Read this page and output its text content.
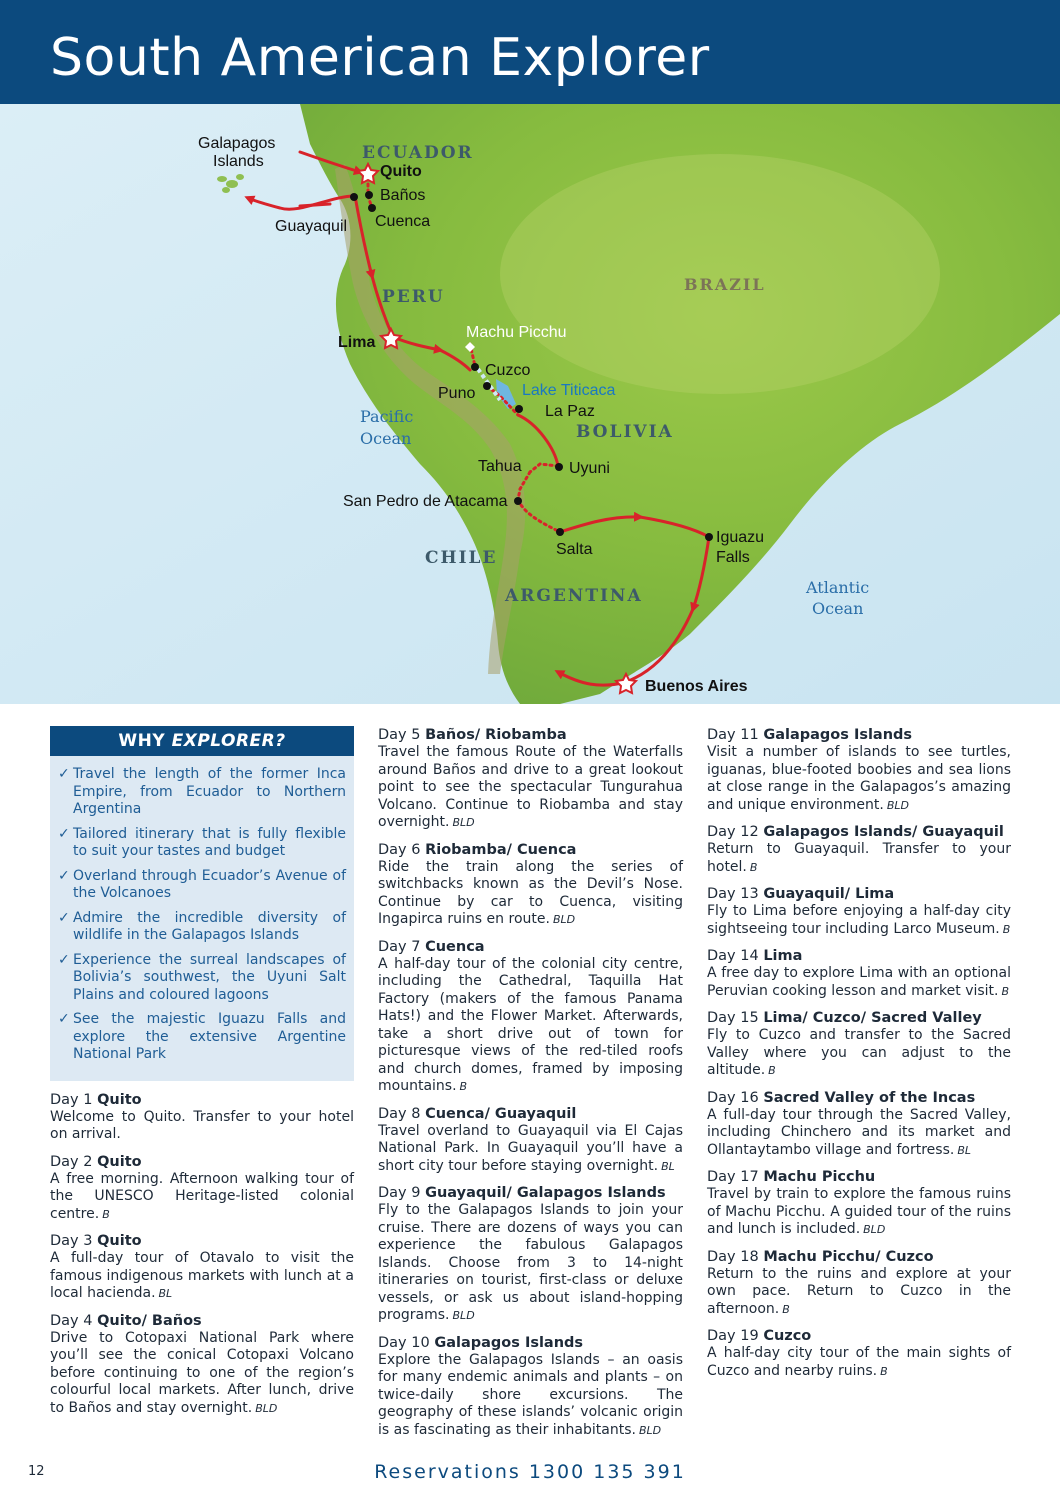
South American Explorer
Galapagos
Islands	ECUADOR
Quito
Baños
Cuenca
Guayaquil
PERU
BRAZIL
Lima
Machu Picchu
Cuzco
Puno	Lake Titicaca
La Paz
BOLIVIA
Pacific
Ocean
Tahua	Uyuni
San Pedro de Atacama
Salta
Iguazu
Falls
CHILE
ARGENTINA	Atlantic
Ocean
Buenos Aires
WHY EXPLORER?
✓ Travel the length of the former Inca Empire, from Ecuador to Northern Argentina
✓ Tailored itinerary that is fully flexible to suit your tastes and budget
✓ Overland through Ecuador’s Avenue of the Volcanoes
✓ Admire the incredible diversity of wildlife in the Galapagos Islands
✓ Experience the surreal landscapes of Bolivia’s southwest, the Uyuni Salt Plains and coloured lagoons
✓ See the majestic Iguazu Falls and explore the extensive Argentine National Park
Day 1 Quito
Welcome to Quito. Transfer to your hotel on arrival.
Day 2 Quito
A free morning. Afternoon walking tour of the UNESCO Heritage-listed colonial centre. B
Day 3 Quito
A full-day tour of Otavalo to visit the famous indigenous markets with lunch at a local hacienda. BL
Day 4 Quito/ Baños
Drive to Cotopaxi National Park where you’ll see the conical Cotopaxi Volcano before continuing to one of the region’s colourful local markets. After lunch, drive to Baños and stay overnight. BLD
Day 5 Baños/ Riobamba
Travel the famous Route of the Waterfalls around Baños and drive to a great lookout point to see the spectacular Tungurahua Volcano. Continue to Riobamba and stay overnight. BLD
Day 6 Riobamba/ Cuenca
Ride the train along the series of switchbacks known as the Devil’s Nose. Continue by car to Cuenca, visiting Ingapirca ruins en route. BLD
Day 7 Cuenca
A half-day tour of the colonial city centre, including the Cathedral, Taquilla Hat Factory (makers of the famous Panama Hats!) and the Flower Market. Afterwards, take a short drive out of town for picturesque views of the red-tiled roofs and church domes, framed by imposing mountains. B
Day 8 Cuenca/ Guayaquil
Travel overland to Guayaquil via El Cajas National Park. In Guayaquil you’ll have a short city tour before staying overnight. BL
Day 9 Guayaquil/ Galapagos Islands
Fly to the Galapagos Islands to join your cruise. There are dozens of ways you can experience the fabulous Galapagos Islands. Choose from 3 to 14-night itineraries on tourist, first-class or deluxe vessels, or ask us about island-hopping programs. BLD
Day 10 Galapagos Islands
Explore the Galapagos Islands – an oasis for many endemic animals and plants – on twice-daily shore excursions. The geography of these islands’ volcanic origin is as fascinating as their inhabitants. BLD
Day 11 Galapagos Islands
Visit a number of islands to see turtles, iguanas, blue-footed boobies and sea lions at close range in the Galapagos’s amazing and unique environment. BLD
Day 12 Galapagos Islands/ Guayaquil
Return to Guayaquil. Transfer to your hotel. B
Day 13 Guayaquil/ Lima
Fly to Lima before enjoying a half-day city sightseeing tour including Larco Museum. B
Day 14 Lima
A free day to explore Lima with an optional Peruvian cooking lesson and market visit. B
Day 15 Lima/ Cuzco/ Sacred Valley
Fly to Cuzco and transfer to the Sacred Valley where you can adjust to the altitude. B
Day 16 Sacred Valley of the Incas
A full-day tour through the Sacred Valley, including Chinchero and its market and Ollantaytambo village and fortress. BL
Day 17 Machu Picchu
Travel by train to explore the famous ruins of Machu Picchu. A guided tour of the ruins and lunch is included. BLD
Day 18 Machu Picchu/ Cuzco
Return to the ruins and explore at your own pace. Return to Cuzco in the afternoon. B
Day 19 Cuzco
A half-day city tour of the main sights of Cuzco and nearby ruins. B
12	Reservations 1300 135 391
